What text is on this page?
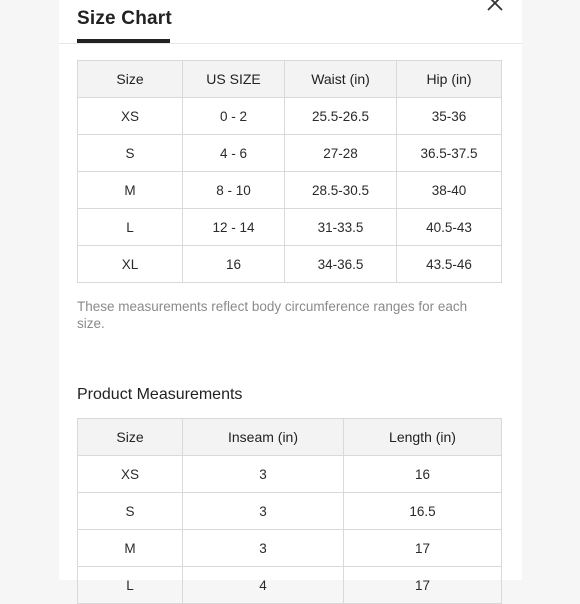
Size Chart
Size	US SIZE	Waist (in)	Hip (in)
XS	0 - 2	25.5-26.5	35-36
S	4 - 6	27-28	36.5-37.5
M	8 - 10	28.5-30.5	38-40
L	12 - 14	31-33.5	40.5-43
XL	16	34-36.5	43.5-46

These measurements reflect body circumference ranges for each size.

Product Measurements
Size	Inseam (in)	Length (in)
XS	3	16
S	3	16.5
M	3	17
L	4	17
